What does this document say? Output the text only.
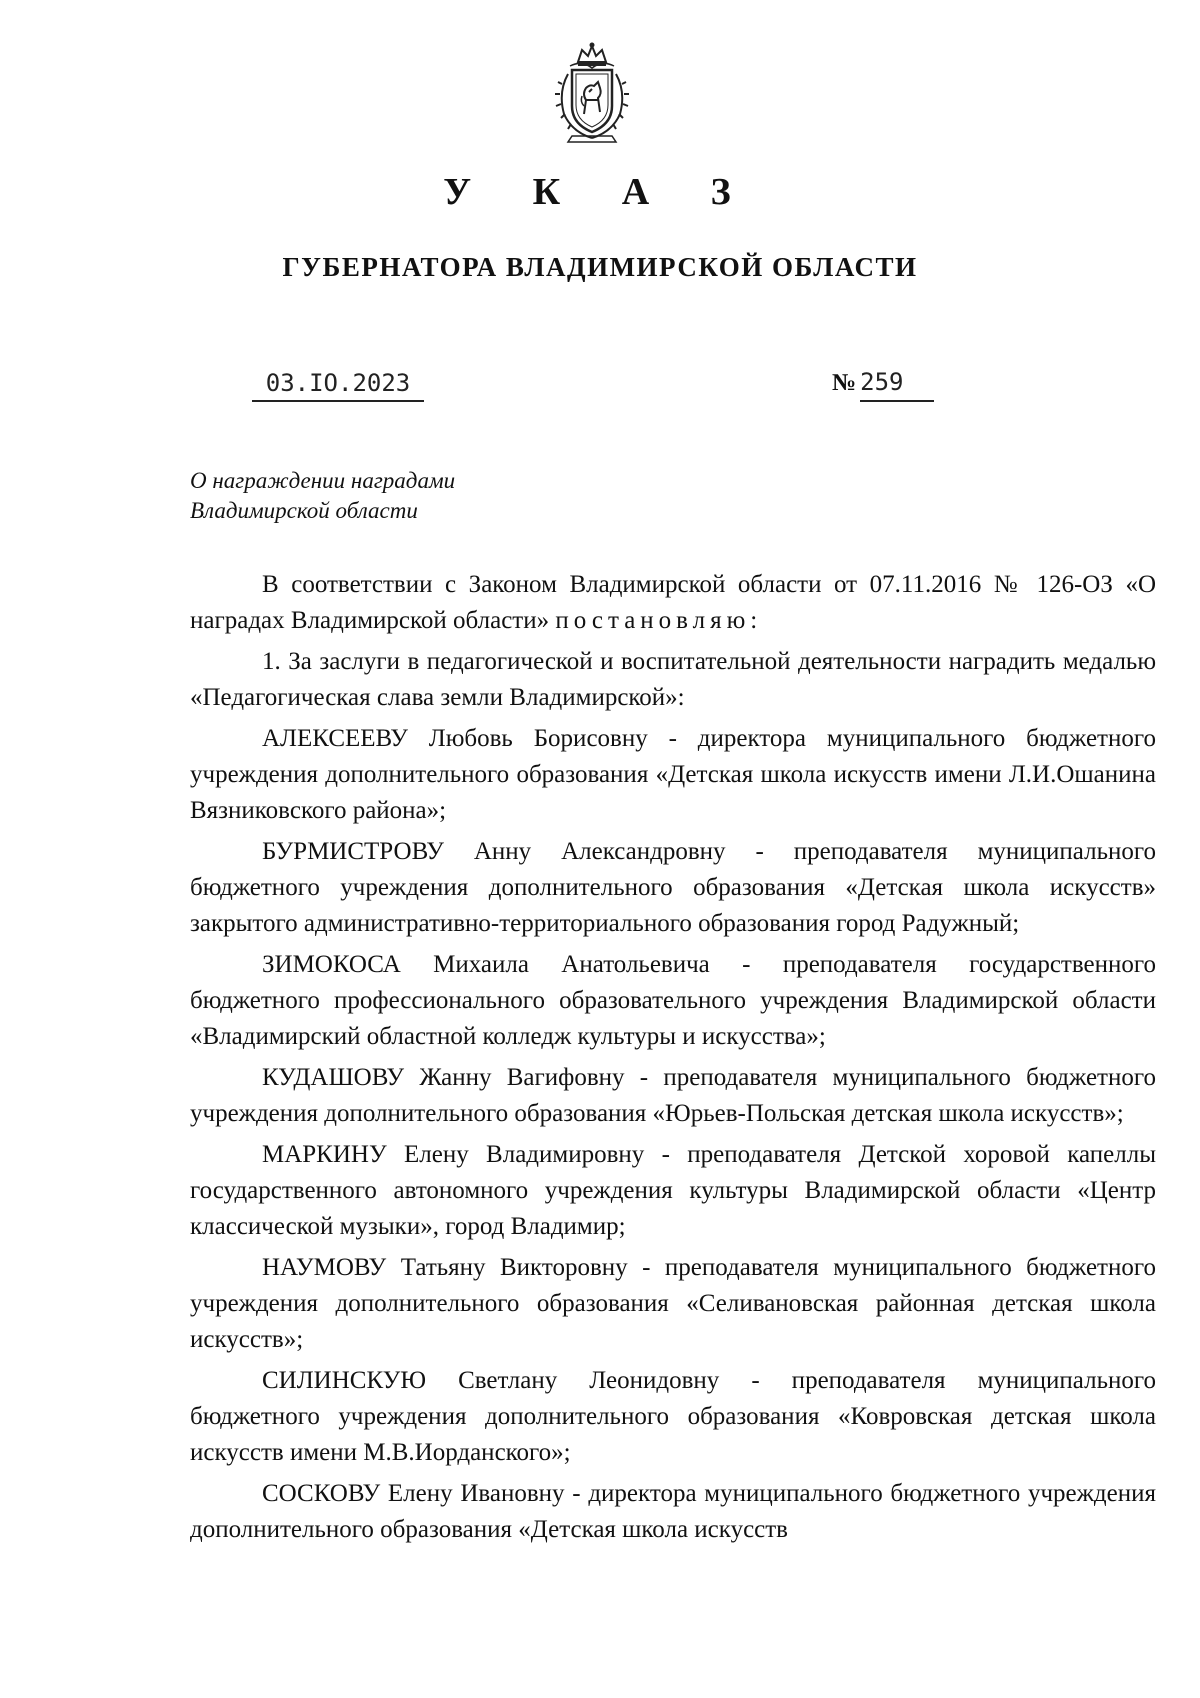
У К А З
ГУБЕРНАТОРА ВЛАДИМИРСКОЙ ОБЛАСТИ
03.IO.2023	№ 259
О награждении наградами
Владимирской области

В соответствии с Законом Владимирской области от 07.11.2016 № 126-ОЗ «О наградах Владимирской области» постановляю:

1. За заслуги в педагогической и воспитательной деятельности наградить медалью «Педагогическая слава земли Владимирской»:

АЛЕКСЕЕВУ Любовь Борисовну - директора муниципального бюджетного учреждения дополнительного образования «Детская школа искусств имени Л.И.Ошанина Вязниковского района»;

БУРМИСТРОВУ Анну Александровну - преподавателя муниципального бюджетного учреждения дополнительного образования «Детская школа искусств» закрытого административно-территориального образования город Радужный;

ЗИМОКОСА Михаила Анатольевича - преподавателя государственного бюджетного профессионального образовательного учреждения Владимирской области «Владимирский областной колледж культуры и искусства»;

КУДАШОВУ Жанну Вагифовну - преподавателя муниципального бюджетного учреждения дополнительного образования «Юрьев-Польская детская школа искусств»;

МАРКИНУ Елену Владимировну - преподавателя Детской хоровой капеллы государственного автономного учреждения культуры Владимирской области «Центр классической музыки», город Владимир;

НАУМОВУ Татьяну Викторовну - преподавателя муниципального бюджетного учреждения дополнительного образования «Селивановская районная детская школа искусств»;

СИЛИНСКУЮ Светлану Леонидовну - преподавателя муниципального бюджетного учреждения дополнительного образования «Ковровская детская школа искусств имени М.В.Иорданского»;

СОСКОВУ Елену Ивановну - директора муниципального бюджетного учреждения дополнительного образования «Детская школа искусств
